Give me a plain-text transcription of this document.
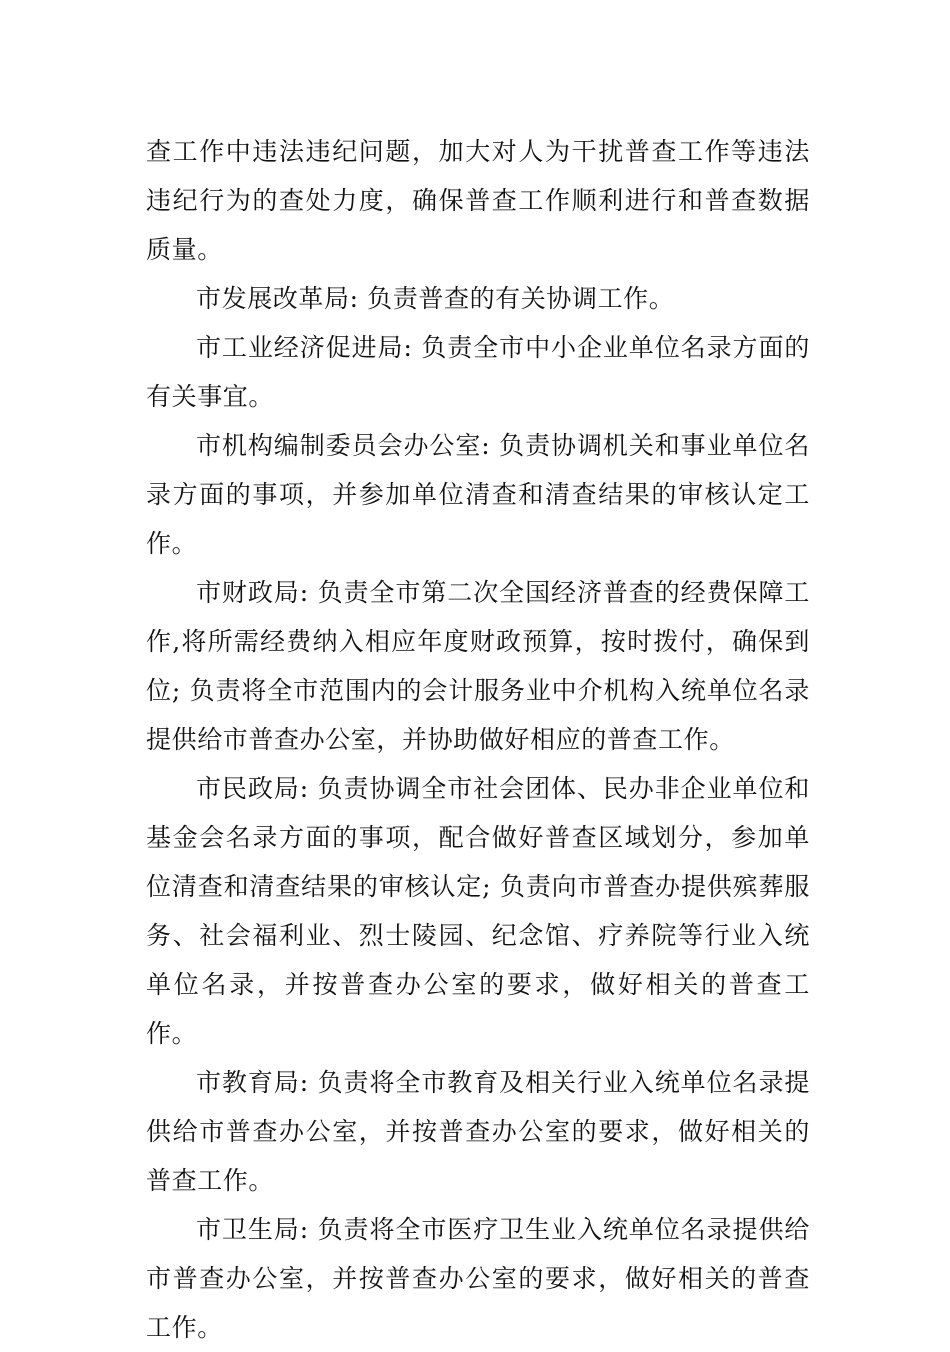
查工作中违法违纪问题，加大对人为干扰普查工作等违法违纪行为的查处力度，确保普查工作顺利进行和普查数据质量。

市发展改革局: 负责普查的有关协调工作。

市工业经济促进局: 负责全市中小企业单位名录方面的有关事宜。

市机构编制委员会办公室: 负责协调机关和事业单位名录方面的事项，并参加单位清查和清查结果的审核认定工作。

市财政局: 负责全市第二次全国经济普查的经费保障工作,将所需经费纳入相应年度财政预算，按时拨付，确保到位; 负责将全市范围内的会计服务业中介机构入统单位名录提供给市普查办公室，并协助做好相应的普查工作。

市民政局: 负责协调全市社会团体、民办非企业单位和基金会名录方面的事项，配合做好普查区域划分，参加单位清查和清查结果的审核认定; 负责向市普查办提供殡葬服务、社会福利业、烈士陵园、纪念馆、疗养院等行业入统单位名录，并按普查办公室的要求，做好相关的普查工作。

市教育局: 负责将全市教育及相关行业入统单位名录提供给市普查办公室，并按普查办公室的要求，做好相关的普查工作。

市卫生局: 负责将全市医疗卫生业入统单位名录提供给市普查办公室，并按普查办公室的要求，做好相关的普查工作。
